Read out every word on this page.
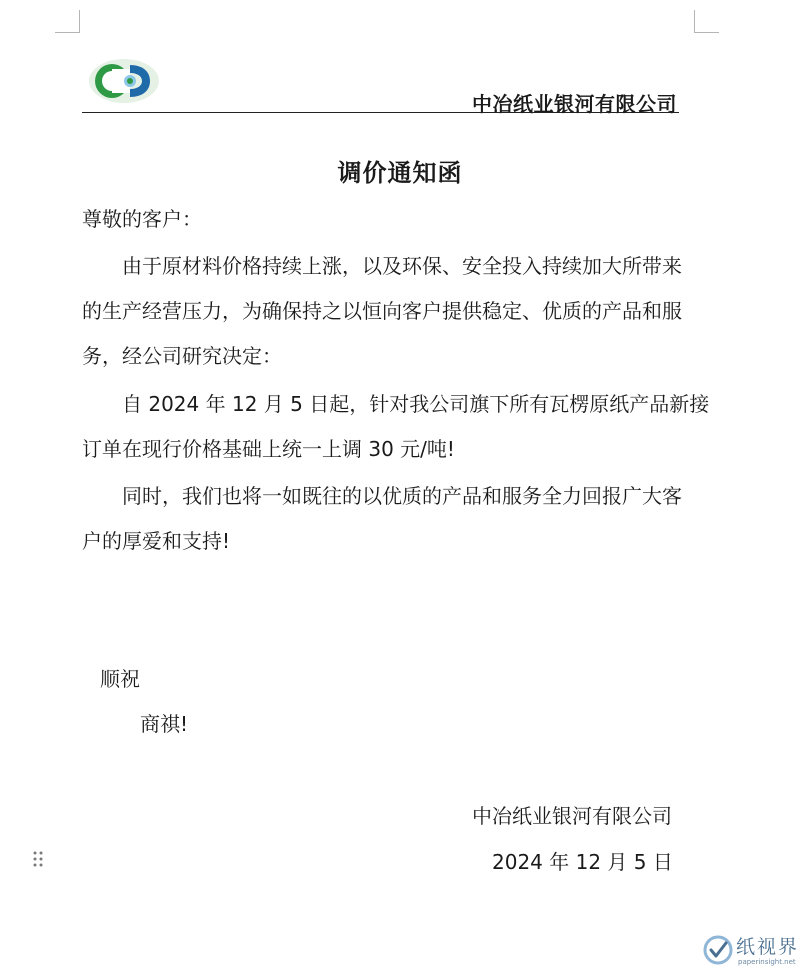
中冶纸业银河有限公司
调价通知函
尊敬的客户：
由于原材料价格持续上涨，以及环保、安全投入持续加大所带来
的生产经营压力，为确保持之以恒向客户提供稳定、优质的产品和服
务，经公司研究决定：
自 2024 年 12 月 5 日起，针对我公司旗下所有瓦楞原纸产品新接
订单在现行价格基础上统一上调 30 元/吨!
同时，我们也将一如既往的以优质的产品和服务全力回报广大客
户的厚爱和支持!
顺祝
商祺!
中冶纸业银河有限公司
2024 年 12 月 5 日
纸视界
paperinsight.net
